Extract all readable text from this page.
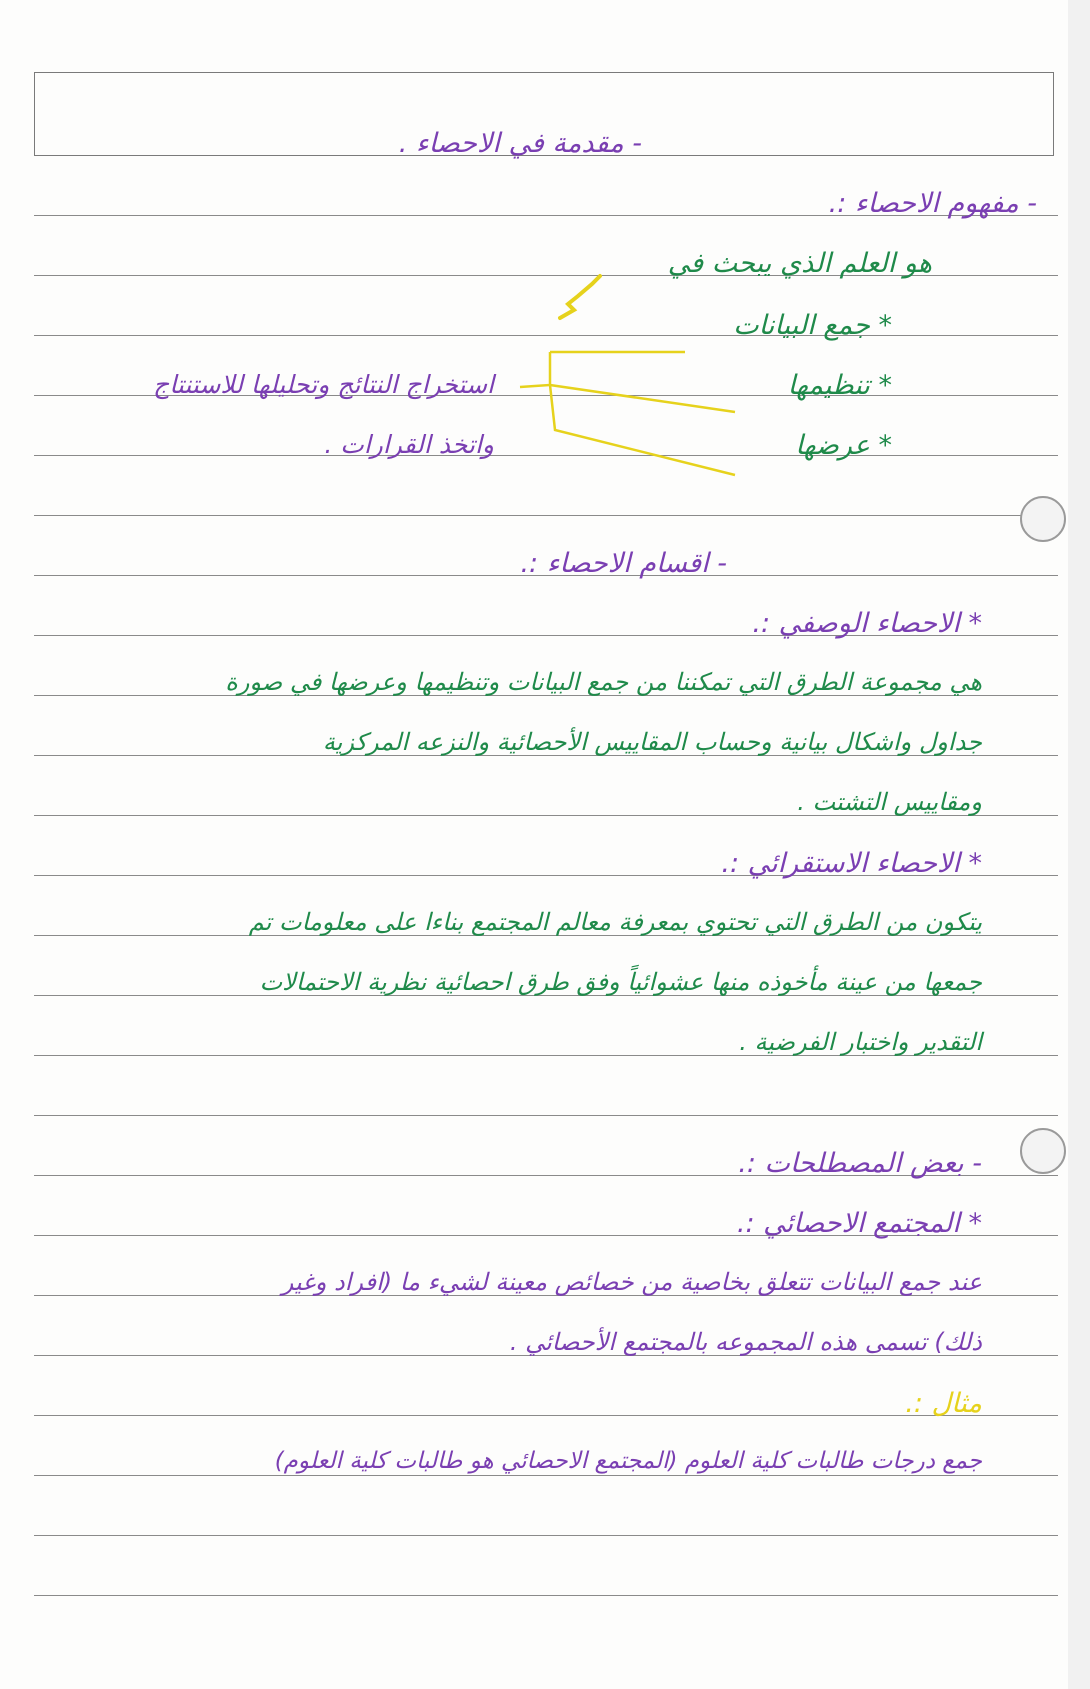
- مقدمة في الاحصاء .
- مفهوم الاحصاء :.
هو العلم الذي يبحث في
* جمع البيانات
* تنظيمها
* عرضها
استخراج النتائج وتحليلها للاستنتاج
واتخذ القرارات .
- اقسام الاحصاء :.
* الاحصاء الوصفي :.
هي مجموعة الطرق التي تمكننا من جمع البيانات وتنظيمها وعرضها في صورة
جداول واشكال بيانية وحساب المقاييس الأحصائية والنزعه المركزية
ومقاييس التشتت .
* الاحصاء الاستقرائي :.
يتكون من الطرق التي تحتوي بمعرفة معالم المجتمع بناءا على معلومات تم
جمعها من عينة مأخوذه منها عشوائياً وفق طرق احصائية نظرية الاحتمالات
التقدير واختبار الفرضية .
- بعض المصطلحات :.
* المجتمع الاحصائي :.
عند جمع البيانات تتعلق بخاصية من خصائص معينة لشيء ما (افراد وغير
ذلك) تسمى هذه المجموعه بالمجتمع الأحصائي .
مثال :.
جمع درجات طالبات كلية العلوم (المجتمع الاحصائي هو طالبات كلية العلوم)
